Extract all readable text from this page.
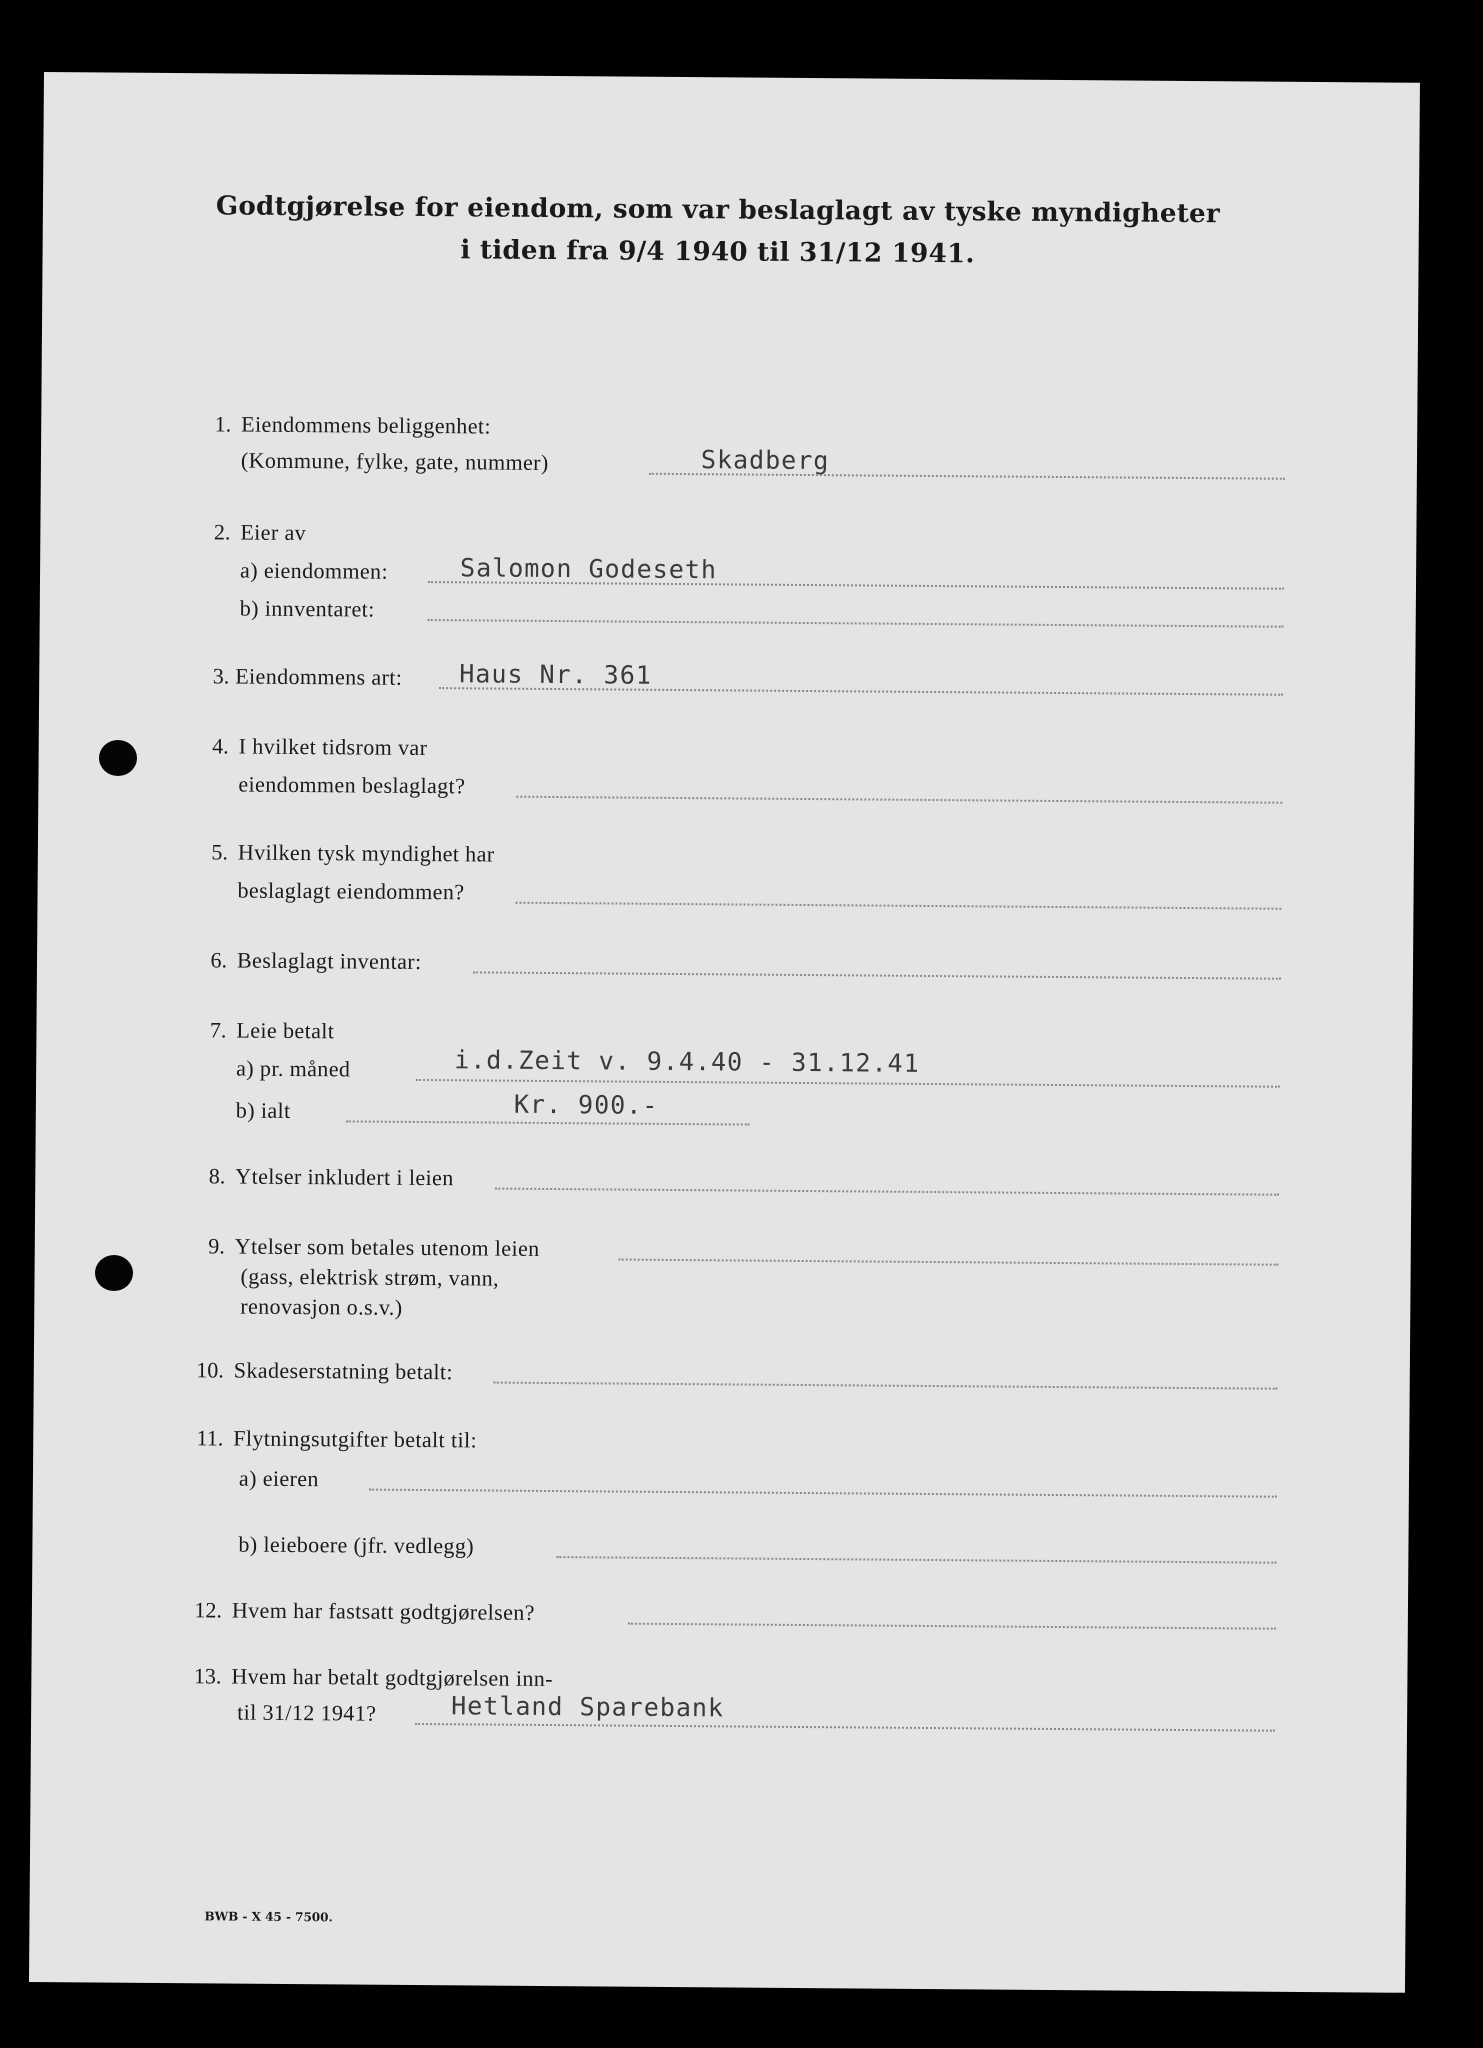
Godtgjørelse for eiendom, som var beslaglagt av tyske myndigheter
i tiden fra 9/4 1940 til 31/12 1941.
1. Eiendommens beliggenhet:
(Kommune, fylke, gate, nummer)	Skadberg
2. Eier av
a) eiendommen:	Salomon Godeseth
b) innventaret:
3. Eiendommens art: Haus Nr. 361
4. I hvilket tidsrom var
eiendommen beslaglagt?
5. Hvilken tysk myndighet har
beslaglagt eiendommen?
6. Beslaglagt inventar:
7. Leie betalt
a) pr. måned	i.d.Zeit v. 9.4.40 - 31.12.41
b) ialt	Kr. 900.-
8. Ytelser inkludert i leien
9. Ytelser som betales utenom leien
(gass, elektrisk strøm, vann,
renovasjon o.s.v.)
10. Skadeserstatning betalt:
11. Flytningsutgifter betalt til:
a) eieren
b) leieboere (jfr. vedlegg)
12. Hvem har fastsatt godtgjørelsen?
13. Hvem har betalt godtgjørelsen inn-
til 31/12 1941?	Hetland Sparebank
BWB - X 45 - 7500.
